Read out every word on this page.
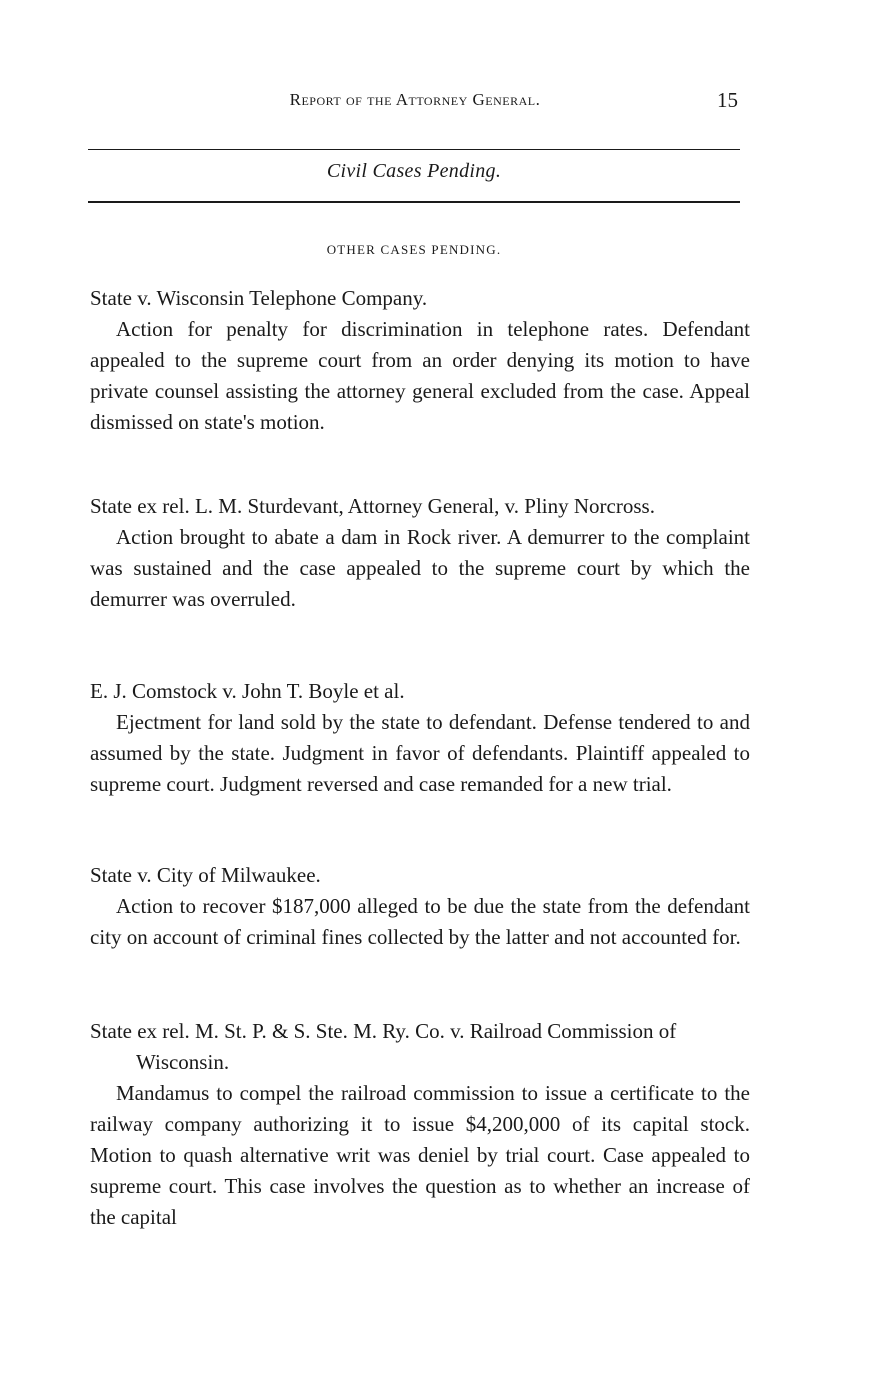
Report of the Attorney General.	15
Civil Cases Pending.
OTHER CASES PENDING.

State v. Wisconsin Telephone Company.

Action for penalty for discrimination in telephone rates. Defendant appealed to the supreme court from an order denying its motion to have private counsel assisting the attorney general excluded from the case. Appeal dismissed on state's motion.

State ex rel. L. M. Sturdevant, Attorney General, v. Pliny Norcross.

Action brought to abate a dam in Rock river. A demurrer to the complaint was sustained and the case appealed to the supreme court by which the demurrer was overruled.

E. J. Comstock v. John T. Boyle et al.

Ejectment for land sold by the state to defendant. Defense tendered to and assumed by the state. Judgment in favor of defendants. Plaintiff appealed to supreme court. Judgment reversed and case remanded for a new trial.

State v. City of Milwaukee.

Action to recover $187,000 alleged to be due the state from the defendant city on account of criminal fines collected by the latter and not accounted for.

State ex rel. M. St. P. & S. Ste. M. Ry. Co. v. Railroad Commission of Wisconsin.

Mandamus to compel the railroad commission to issue a certificate to the railway company authorizing it to issue $4,200,000 of its capital stock. Motion to quash alternative writ was deniel by trial court. Case appealed to supreme court. This case involves the question as to whether an increase of the capital
